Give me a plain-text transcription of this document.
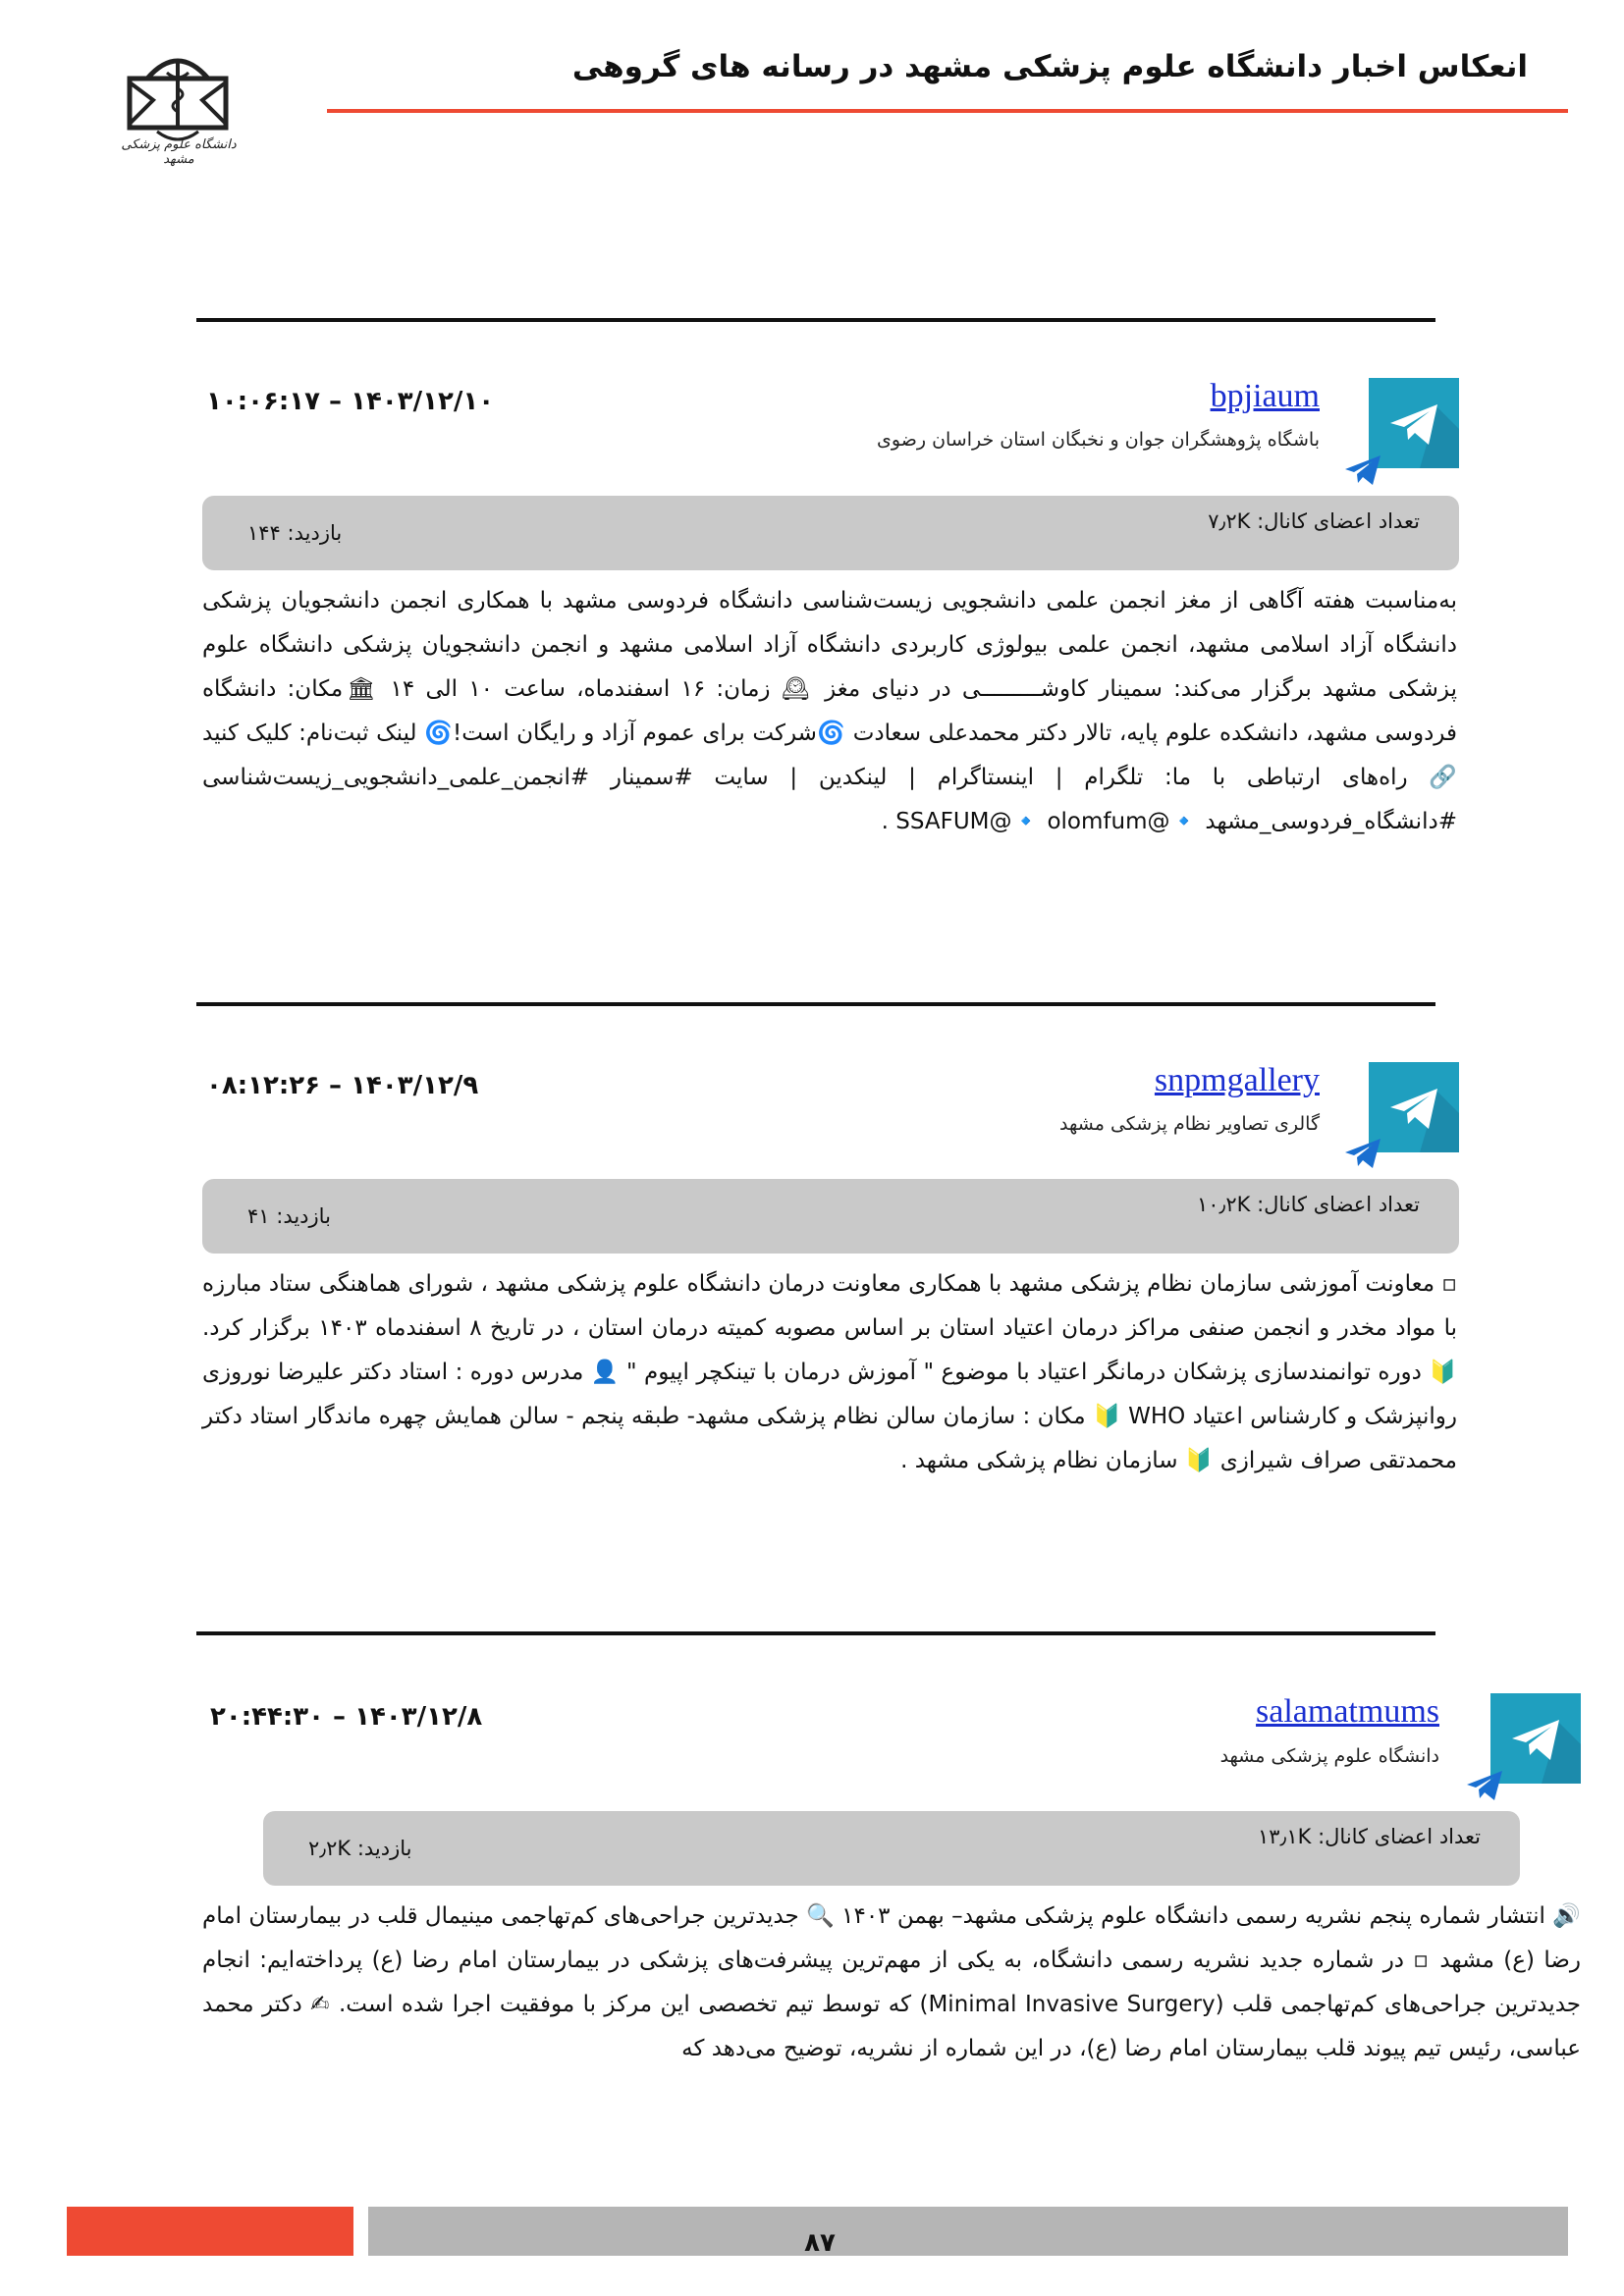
دانشگاه علوم پزشکی مشهد
انعکاس اخبار دانشگاه علوم پزشکی مشهد در رسانه های گروهی
bpjiaum
باشگاه پژوهشگران جوان و نخبگان استان خراسان رضوی
۱۰:۰۶:۱۷ – ۱۴۰۳/۱۲/۱۰
تعداد اعضای کانال: ۷٫۲K
بازدید: ۱۴۴
به‌مناسبت هفته آگاهی از مغز انجمن علمی دانشجویی زیست‌شناسی دانشگاه فردوسی مشهد با همکاری انجمن دانشجویان پزشکی دانشگاه آزاد اسلامی مشهد، انجمن علمی بیولوژی کاربردی دانشگاه آزاد اسلامی مشهد و انجمن دانشجویان پزشکی دانشگاه علوم پزشکی مشهد برگزار می‌کند: سمینار کاوشـــــــــی در دنیای مغز 🕰 زمان: ۱۶ اسفندماه، ساعت ۱۰ الی ۱۴ 🏛مکان: دانشگاه فردوسی مشهد، دانشکده علوم پایه، تالار دکتر محمدعلی سعادت 🌀شرکت برای عموم آزاد و رایگان است!🌀 لینک ثبت‌نام: کلیک کنید 🔗 راه‌های ارتباطی با ما: تلگرام | اینستاگرام | لینکدین | سایت #سمینار #انجمن_علمی_دانشجویی_زیست‌شناسی #دانشگاه_فردوسی_مشهد 🔹@SSAFUM@🔹 olomfum .
snpmgallery
گالری تصاویر نظام پزشکی مشهد
۰۸:۱۲:۲۶ – ۱۴۰۳/۱۲/۹
تعداد اعضای کانال: ۱۰٫۲K
بازدید: ۴۱
▫ معاونت آموزشی سازمان نظام پزشکی مشهد با همکاری معاونت درمان دانشگاه علوم پزشکی مشهد ، شورای هماهنگی ستاد مبارزه با مواد مخدر و انجمن صنفی مراکز درمان اعتیاد استان بر اساس مصوبه کمیته درمان استان ، در تاریخ ۸ اسفندماه ۱۴۰۳ برگزار کرد. 🔰 دوره توانمندسازی پزشکان درمانگر اعتیاد با موضوع " آموزش درمان با تینکچر اپیوم " 👤 مدرس دوره : استاد دکتر علیرضا نوروزی روانپزشک و کارشناس اعتیاد WHO 🔰 مکان : سازمان سالن نظام پزشکی مشهد- طبقه پنجم - سالن همایش چهره ماندگار استاد دکتر محمدتقی صراف شیرازی 🔰 سازمان نظام پزشکی مشهد .
salamatmums
دانشگاه علوم پزشکی مشهد
۲۰:۴۴:۳۰ – ۱۴۰۳/۱۲/۸
تعداد اعضای کانال: ۱۳٫۱K
بازدید: ۲٫۲K
🔊 انتشار شماره پنجم نشریه رسمی دانشگاه علوم پزشکی مشهد– بهمن ۱۴۰۳ 🔍 جدیدترین جراحی‌های کم‌تهاجمی مینیمال قلب در بیمارستان امام رضا (ع) مشهد ▫ در شماره جدید نشریه رسمی دانشگاه، به یکی از مهم‌ترین پیشرفت‌های پزشکی در بیمارستان امام رضا (ع) پرداخته‌ایم: انجام جدیدترین جراحی‌های کم‌تهاجمی قلب (Minimal Invasive Surgery) که توسط تیم تخصصی این مرکز با موفقیت اجرا شده است. ✍ دکتر محمد عباسی، رئیس تیم پیوند قلب بیمارستان امام رضا (ع)، در این شماره از نشریه، توضیح می‌دهد که
۸۷
